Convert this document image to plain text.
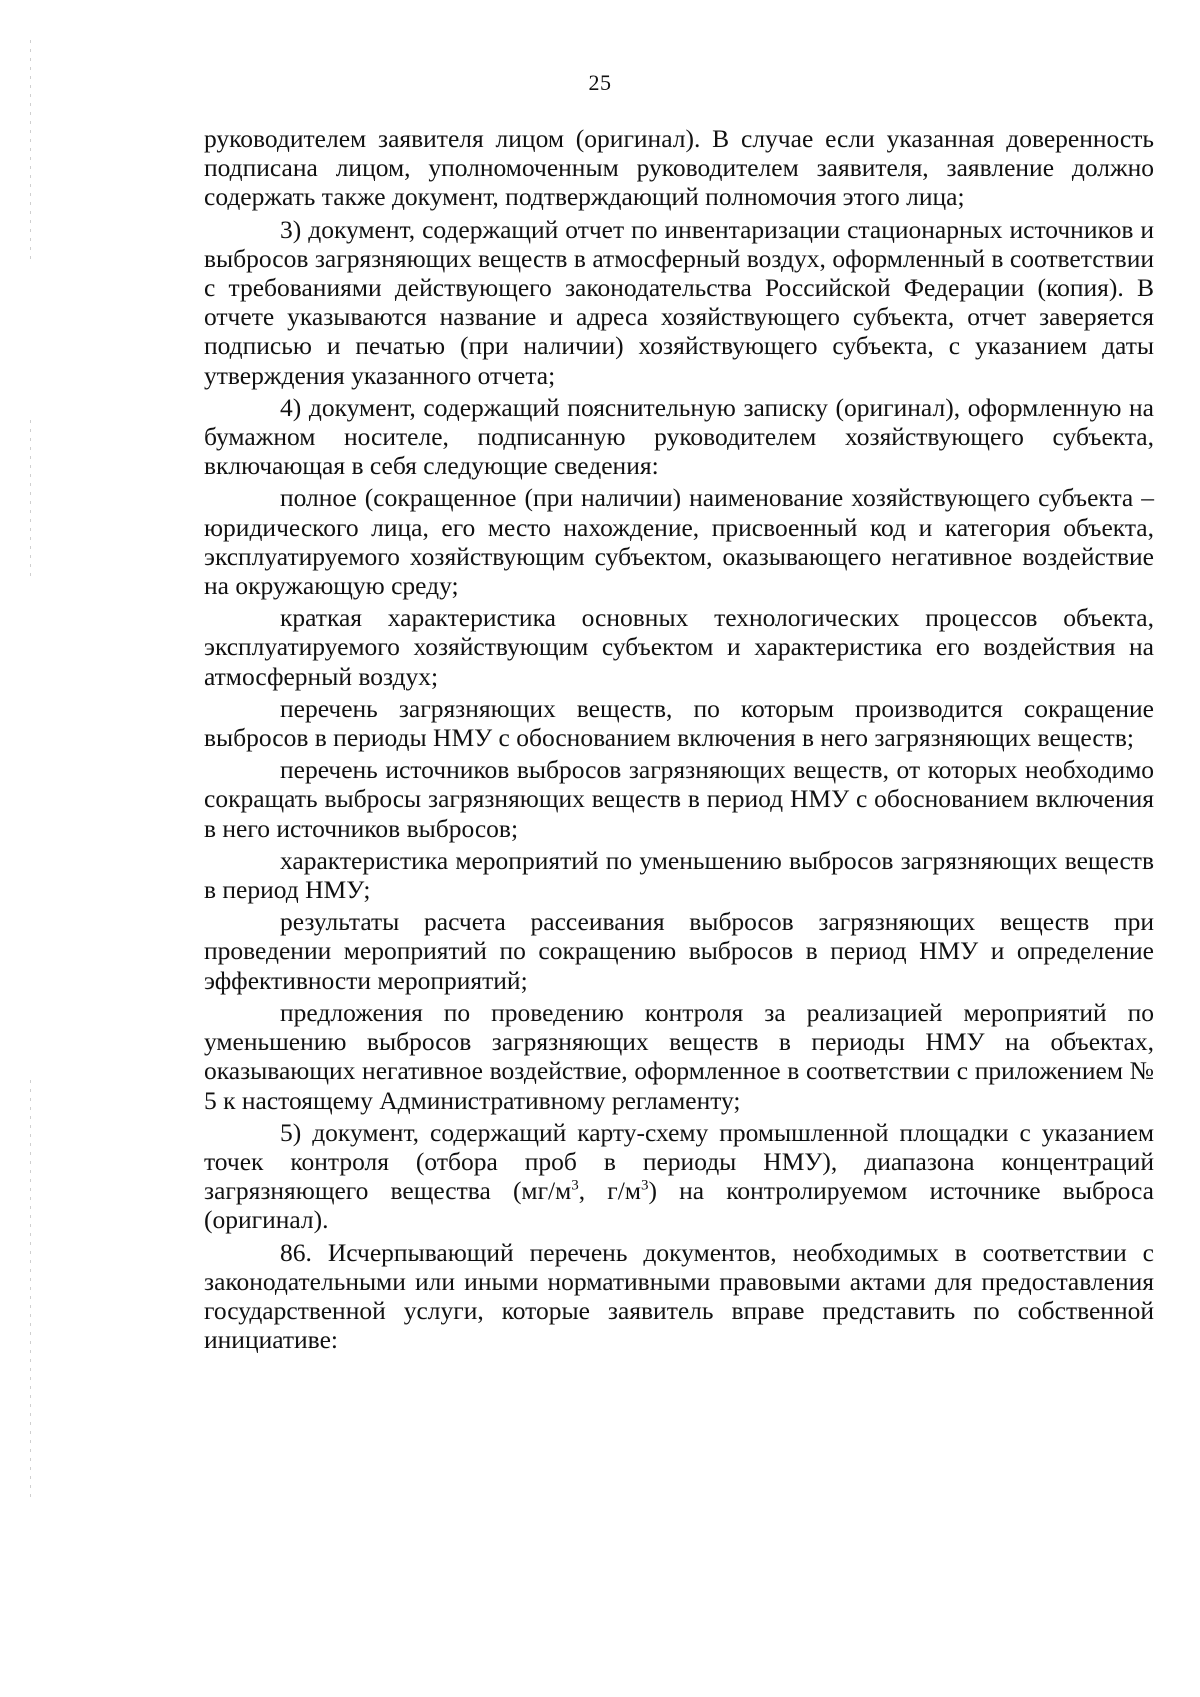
25

руководителем заявителя лицом (оригинал). В случае если указанная доверенность подписана лицом, уполномоченным руководителем заявителя, заявление должно содержать также документ, подтверждающий полномочия этого лица;

3) документ, содержащий отчет по инвентаризации стационарных источников и выбросов загрязняющих веществ в атмосферный воздух, оформленный в соответствии с требованиями действующего законодательства Российской Федерации (копия). В отчете указываются название и адреса хозяйствующего субъекта, отчет заверяется подписью и печатью (при наличии) хозяйствующего субъекта, с указанием даты утверждения указанного отчета;

4) документ, содержащий пояснительную записку (оригинал), оформленную на бумажном носителе, подписанную руководителем хозяйствующего субъекта, включающая в себя следующие сведения:

полное (сокращенное (при наличии) наименование хозяйствующего субъекта – юридического лица, его место нахождение, присвоенный код и категория объекта, эксплуатируемого хозяйствующим субъектом, оказывающего негативное воздействие на окружающую среду;

краткая характеристика основных технологических процессов объекта, эксплуатируемого хозяйствующим субъектом и характеристика его воздействия на атмосферный воздух;

перечень загрязняющих веществ, по которым производится сокращение выбросов в периоды НМУ с обоснованием включения в него загрязняющих веществ;

перечень источников выбросов загрязняющих веществ, от которых необходимо сокращать выбросы загрязняющих веществ в период НМУ с обоснованием включения в него источников выбросов;

характеристика мероприятий по уменьшению выбросов загрязняющих веществ в период НМУ;

результаты расчета рассеивания выбросов загрязняющих веществ при проведении мероприятий по сокращению выбросов в период НМУ и определение эффективности мероприятий;

предложения по проведению контроля за реализацией мероприятий по уменьшению выбросов загрязняющих веществ в периоды НМУ на объектах, оказывающих негативное воздействие, оформленное в соответствии с приложением № 5 к настоящему Административному регламенту;

5) документ, содержащий карту-схему промышленной площадки с указанием точек контроля (отбора проб в периоды НМУ), диапазона концентраций загрязняющего вещества ($мг/м^3$, $г/м^3$) на контролируемом источнике выброса (оригинал).

86. Исчерпывающий перечень документов, необходимых в соответствии с законодательными или иными нормативными правовыми актами для предоставления государственной услуги, которые заявитель вправе представить по собственной инициативе:
